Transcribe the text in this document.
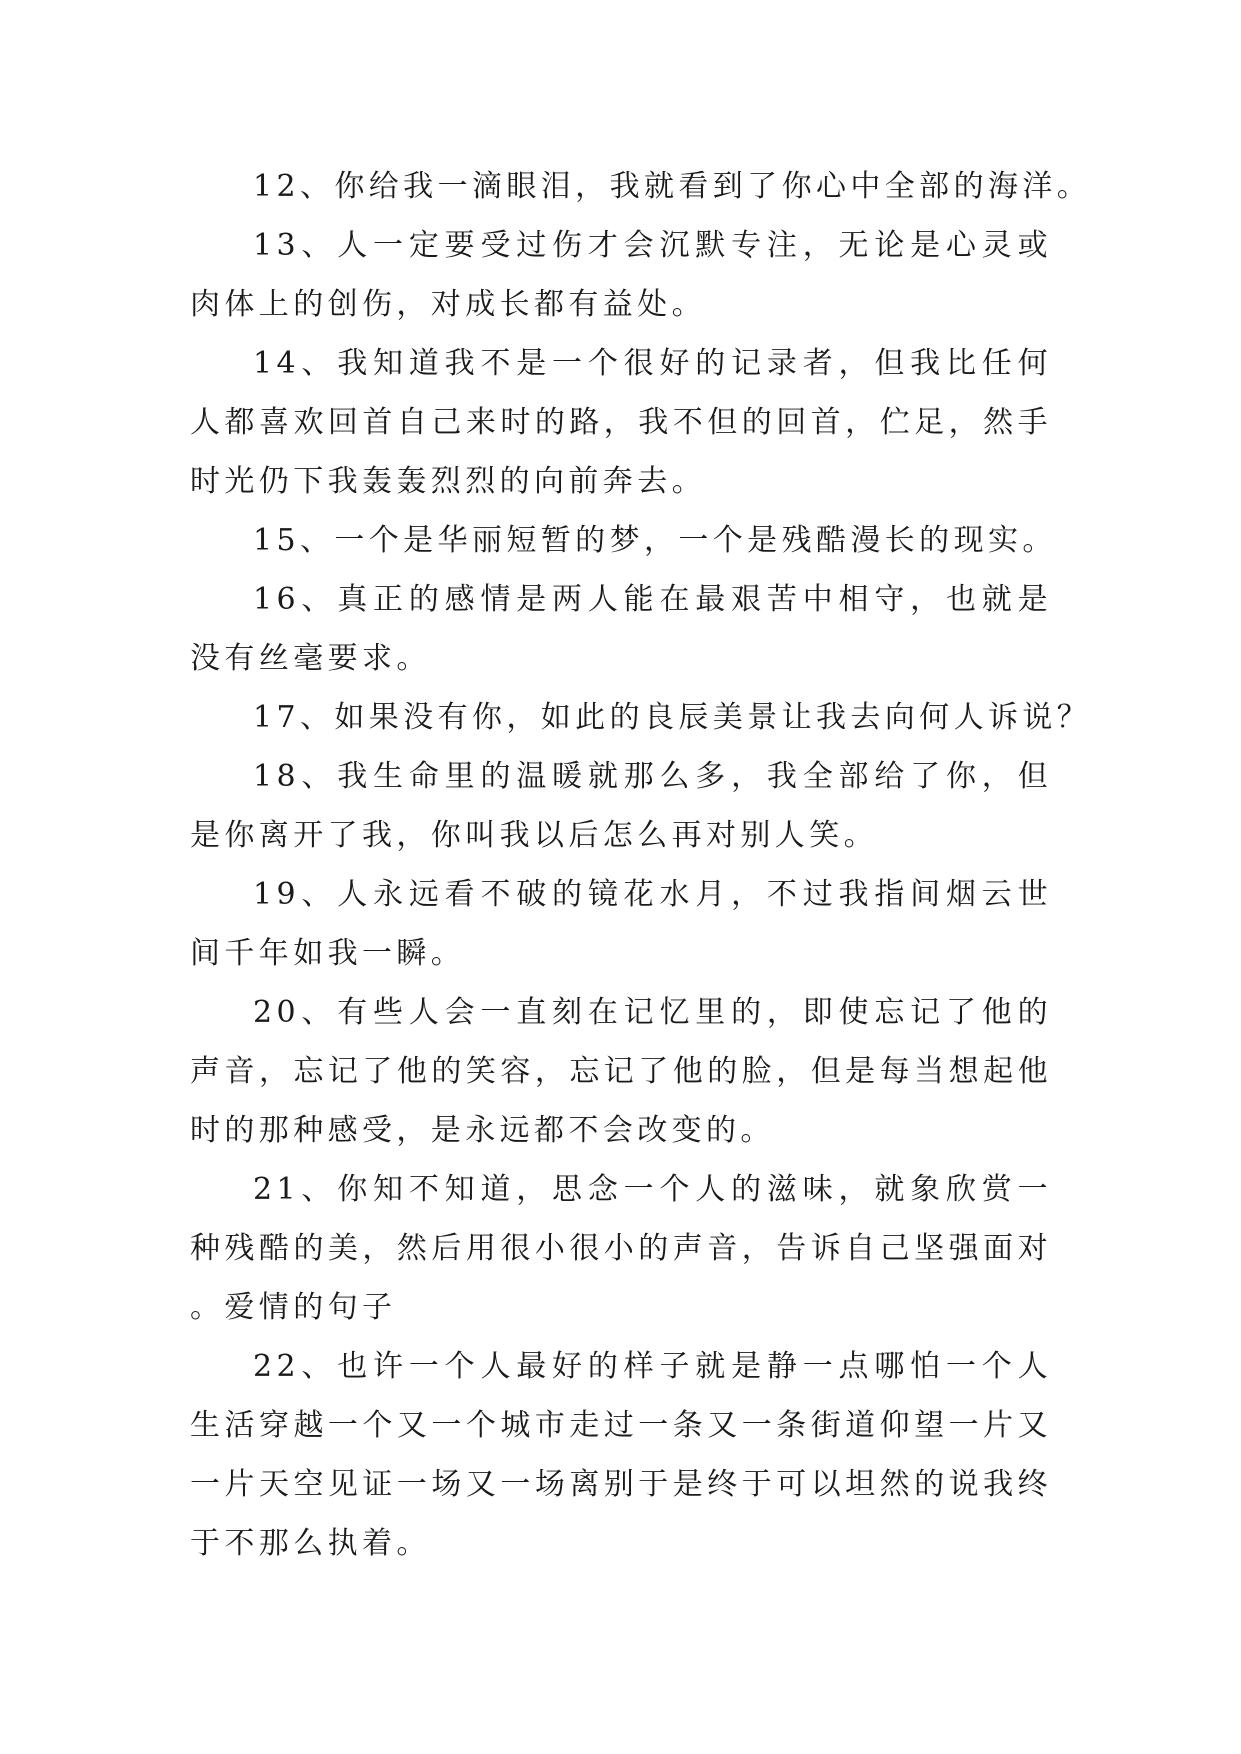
12、你给我一滴眼泪，我就看到了你心中全部的海洋。

13、人一定要受过伤才会沉默专注，无论是心灵或肉体上的创伤，对成长都有益处。

14、我知道我不是一个很好的记录者，但我比任何人都喜欢回首自己来时的路，我不但的回首，伫足，然手时光仍下我轰轰烈烈的向前奔去。

15、一个是华丽短暂的梦，一个是残酷漫长的现实。

16、真正的感情是两人能在最艰苦中相守，也就是没有丝毫要求。

17、如果没有你，如此的良辰美景让我去向何人诉说？

18、我生命里的温暖就那么多，我全部给了你，但是你离开了我，你叫我以后怎么再对别人笑。

19、人永远看不破的镜花水月，不过我指间烟云世间千年如我一瞬。

20、有些人会一直刻在记忆里的，即使忘记了他的声音，忘记了他的笑容，忘记了他的脸，但是每当想起他时的那种感受，是永远都不会改变的。

21、你知不知道，思念一个人的滋味，就象欣赏一种残酷的美，然后用很小很小的声音，告诉自己坚强面对。爱情的句子

22、也许一个人最好的样子就是静一点哪怕一个人生活穿越一个又一个城市走过一条又一条街道仰望一片又一片天空见证一场又一场离别于是终于可以坦然的说我终于不那么执着。
